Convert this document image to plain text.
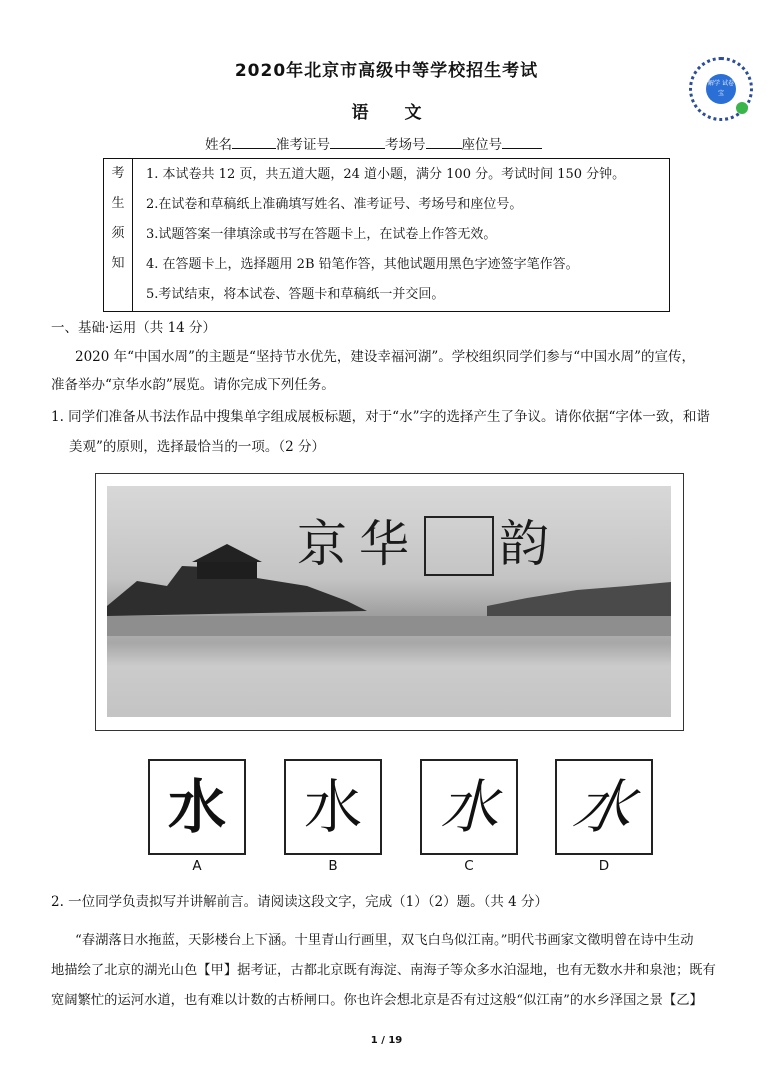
2020年北京市高级中等学校招生考试
语 文
解学 试卷宝
姓名	准考证号	考场号	座位号
考
生
须
知

1. 本试卷共 12 页，共五道大题，24 道小题，满分 100 分。考试时间 150 分钟。
2.在试卷和草稿纸上准确填写姓名、准考证号、考场号和座位号。
3.试题答案一律填涂或书写在答题卡上，在试卷上作答无效。
4. 在答题卡上，选择题用 2B 铅笔作答，其他试题用黑色字迹签字笔作答。
5.考试结束，将本试卷、答题卡和草稿纸一并交回。
一、基础·运用（共 14 分）
2020 年“中国水周”的主题是“坚持节水优先，建设幸福河湖”。学校组织同学们参与“中国水周”的宣传，
准备举办“京华水韵”展览。请你完成下列任务。
1. 同学们准备从书法作品中搜集单字组成展板标题，对于“水”字的选择产生了争议。请你依据“字体一致，和谐
美观”的原则，选择最恰当的一项。（2 分）
京 华 韵
水	水	水	水
A	B	C	D
2. 一位同学负责拟写并讲解前言。请阅读这段文字，完成（1）（2）题。（共 4 分）
“春湖落日水拖蓝，天影楼台上下涵。十里青山行画里，双飞白鸟似江南。”明代书画家文徵明曾在诗中生动
地描绘了北京的湖光山色【甲】据考证，古都北京既有海淀、南海子等众多水泊湿地，也有无数水井和泉池；既有
宽阔繁忙的运河水道，也有难以计数的古桥闸口。你也许会想北京是否有过这般“似江南”的水乡泽国之景【乙】
1 / 19
